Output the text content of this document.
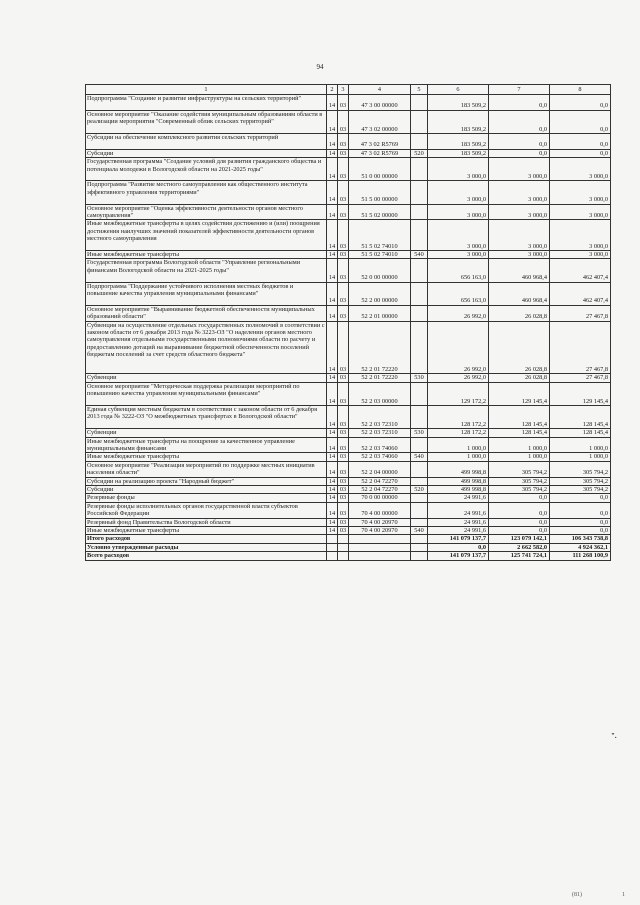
94
1	2	3	4	5	6	7	8
Подпрограмма "Создание и развитие инфраструктуры на сельских территорий"	14	03	47 3 00 00000		183 509,2	0,0	0,0
Основное мероприятие "Оказание содействия муниципальным образованиям области в реализации мероприятия "Современный облик сельских территорий"	14	03	47 3 02 00000		183 509,2	0,0	0,0
Субсидии на обеспечение комплексного развития сельских территорий	14	03	47 3 02 R5769		183 509,2	0,0	0,0
Субсидии	14	03	47 3 02 R5769	520	183 509,2	0,0	0,0
Государственная программа "Создание условий для развития гражданского общества и потенциала молодежи в Вологодской области на 2021-2025 годы"	14	03	51 0 00 00000		3 000,0	3 000,0	3 000,0
Подпрограмма "Развитие местного самоуправления как общественного института эффективного управления территориями"	14	03	51 5 00 00000		3 000,0	3 000,0	3 000,0
Основное мероприятие "Оценка эффективности деятельности органов местного самоуправления"	14	03	51 5 02 00000		3 000,0	3 000,0	3 000,0
Иные межбюджетные трансферты в целях содействия достижению и (или) поощрения достижения наилучших значений показателей эффективности деятельности органов местного самоуправления	14	03	51 5 02 74010		3 000,0	3 000,0	3 000,0
Иные межбюджетные трансферты	14	03	51 5 02 74010	540	3 000,0	3 000,0	3 000,0
Государственная программа Вологодской области "Управление региональными финансами Вологодской области на 2021-2025 годы"	14	03	52 0 00 00000		656 163,0	460 968,4	462 407,4
Подпрограмма "Поддержание устойчивого исполнения местных бюджетов и повышение качества управления муниципальными финансами"	14	03	52 2 00 00000		656 163,0	460 968,4	462 407,4
Основное мероприятие "Выравнивание бюджетной обеспеченности муниципальных образований области"	14	03	52 2 01 00000		26 992,0	26 028,8	27 467,8
Субвенции на осуществление отдельных государственных полномочий в соответствии с законом области от 6 декабря 2013 года № 3223-ОЗ "О наделении органов местного самоуправления отдельными государственными полномочиями области по расчету и предоставлению дотаций на выравнивание бюджетной обеспеченности поселений бюджетам поселений за счет средств областного бюджета"	14	03	52 2 01 72220		26 992,0	26 028,8	27 467,8
Субвенции	14	03	52 2 01 72220	530	26 992,0	26 028,8	27 467,8
Основное мероприятие "Методическая поддержка реализации мероприятий по повышению качества управления муниципальными финансами"	14	03	52 2 03 00000		129 172,2	129 145,4	129 145,4
Единая субвенция местным бюджетам в соответствии с законом области от 6 декабря 2013 года № 3222-ОЗ "О межбюджетных трансфертах в Вологодской области"	14	03	52 2 03 72310		128 172,2	128 145,4	128 145,4
Субвенции	14	03	52 2 03 72310	530	128 172,2	128 145,4	128 145,4
Иные межбюджетные трансферты на поощрение за качественное управление муниципальными финансами	14	03	52 2 03 74060		1 000,0	1 000,0	1 000,0
Иные межбюджетные трансферты	14	03	52 2 03 74060	540	1 000,0	1 000,0	1 000,0
Основное мероприятие "Реализация мероприятий по поддержке местных инициатив населения области"	14	03	52 2 04 00000		499 998,8	305 794,2	305 794,2
Субсидии на реализацию проекта "Народный бюджет"	14	03	52 2 04 72270		499 998,8	305 794,2	305 794,2
Субсидии	14	03	52 2 04 72270	520	499 998,8	305 794,2	305 794,2
Резервные фонды	14	03	70 0 00 00000		24 991,6	0,0	0,0
Резервные фонды исполнительных органов государственной власти субъектов Российской Федерации	14	03	70 4 00 00000		24 991,6	0,0	0,0
Резервный фонд Правительства Вологодской области	14	03	70 4 00 20970		24 991,6	0,0	0,0
Иные межбюджетные трансферты	14	03	70 4 00 20970	540	24 991,6	0,0	0,0
Итого расходов					141 079 137,7	123 079 142,1	106 343 738,8
Условно утвержденные расходы					0,0	2 662 582,0	4 924 362,1
Всего расходов					141 079 137,7	125 741 724,1	111 268 100,9
".
(81)	1
